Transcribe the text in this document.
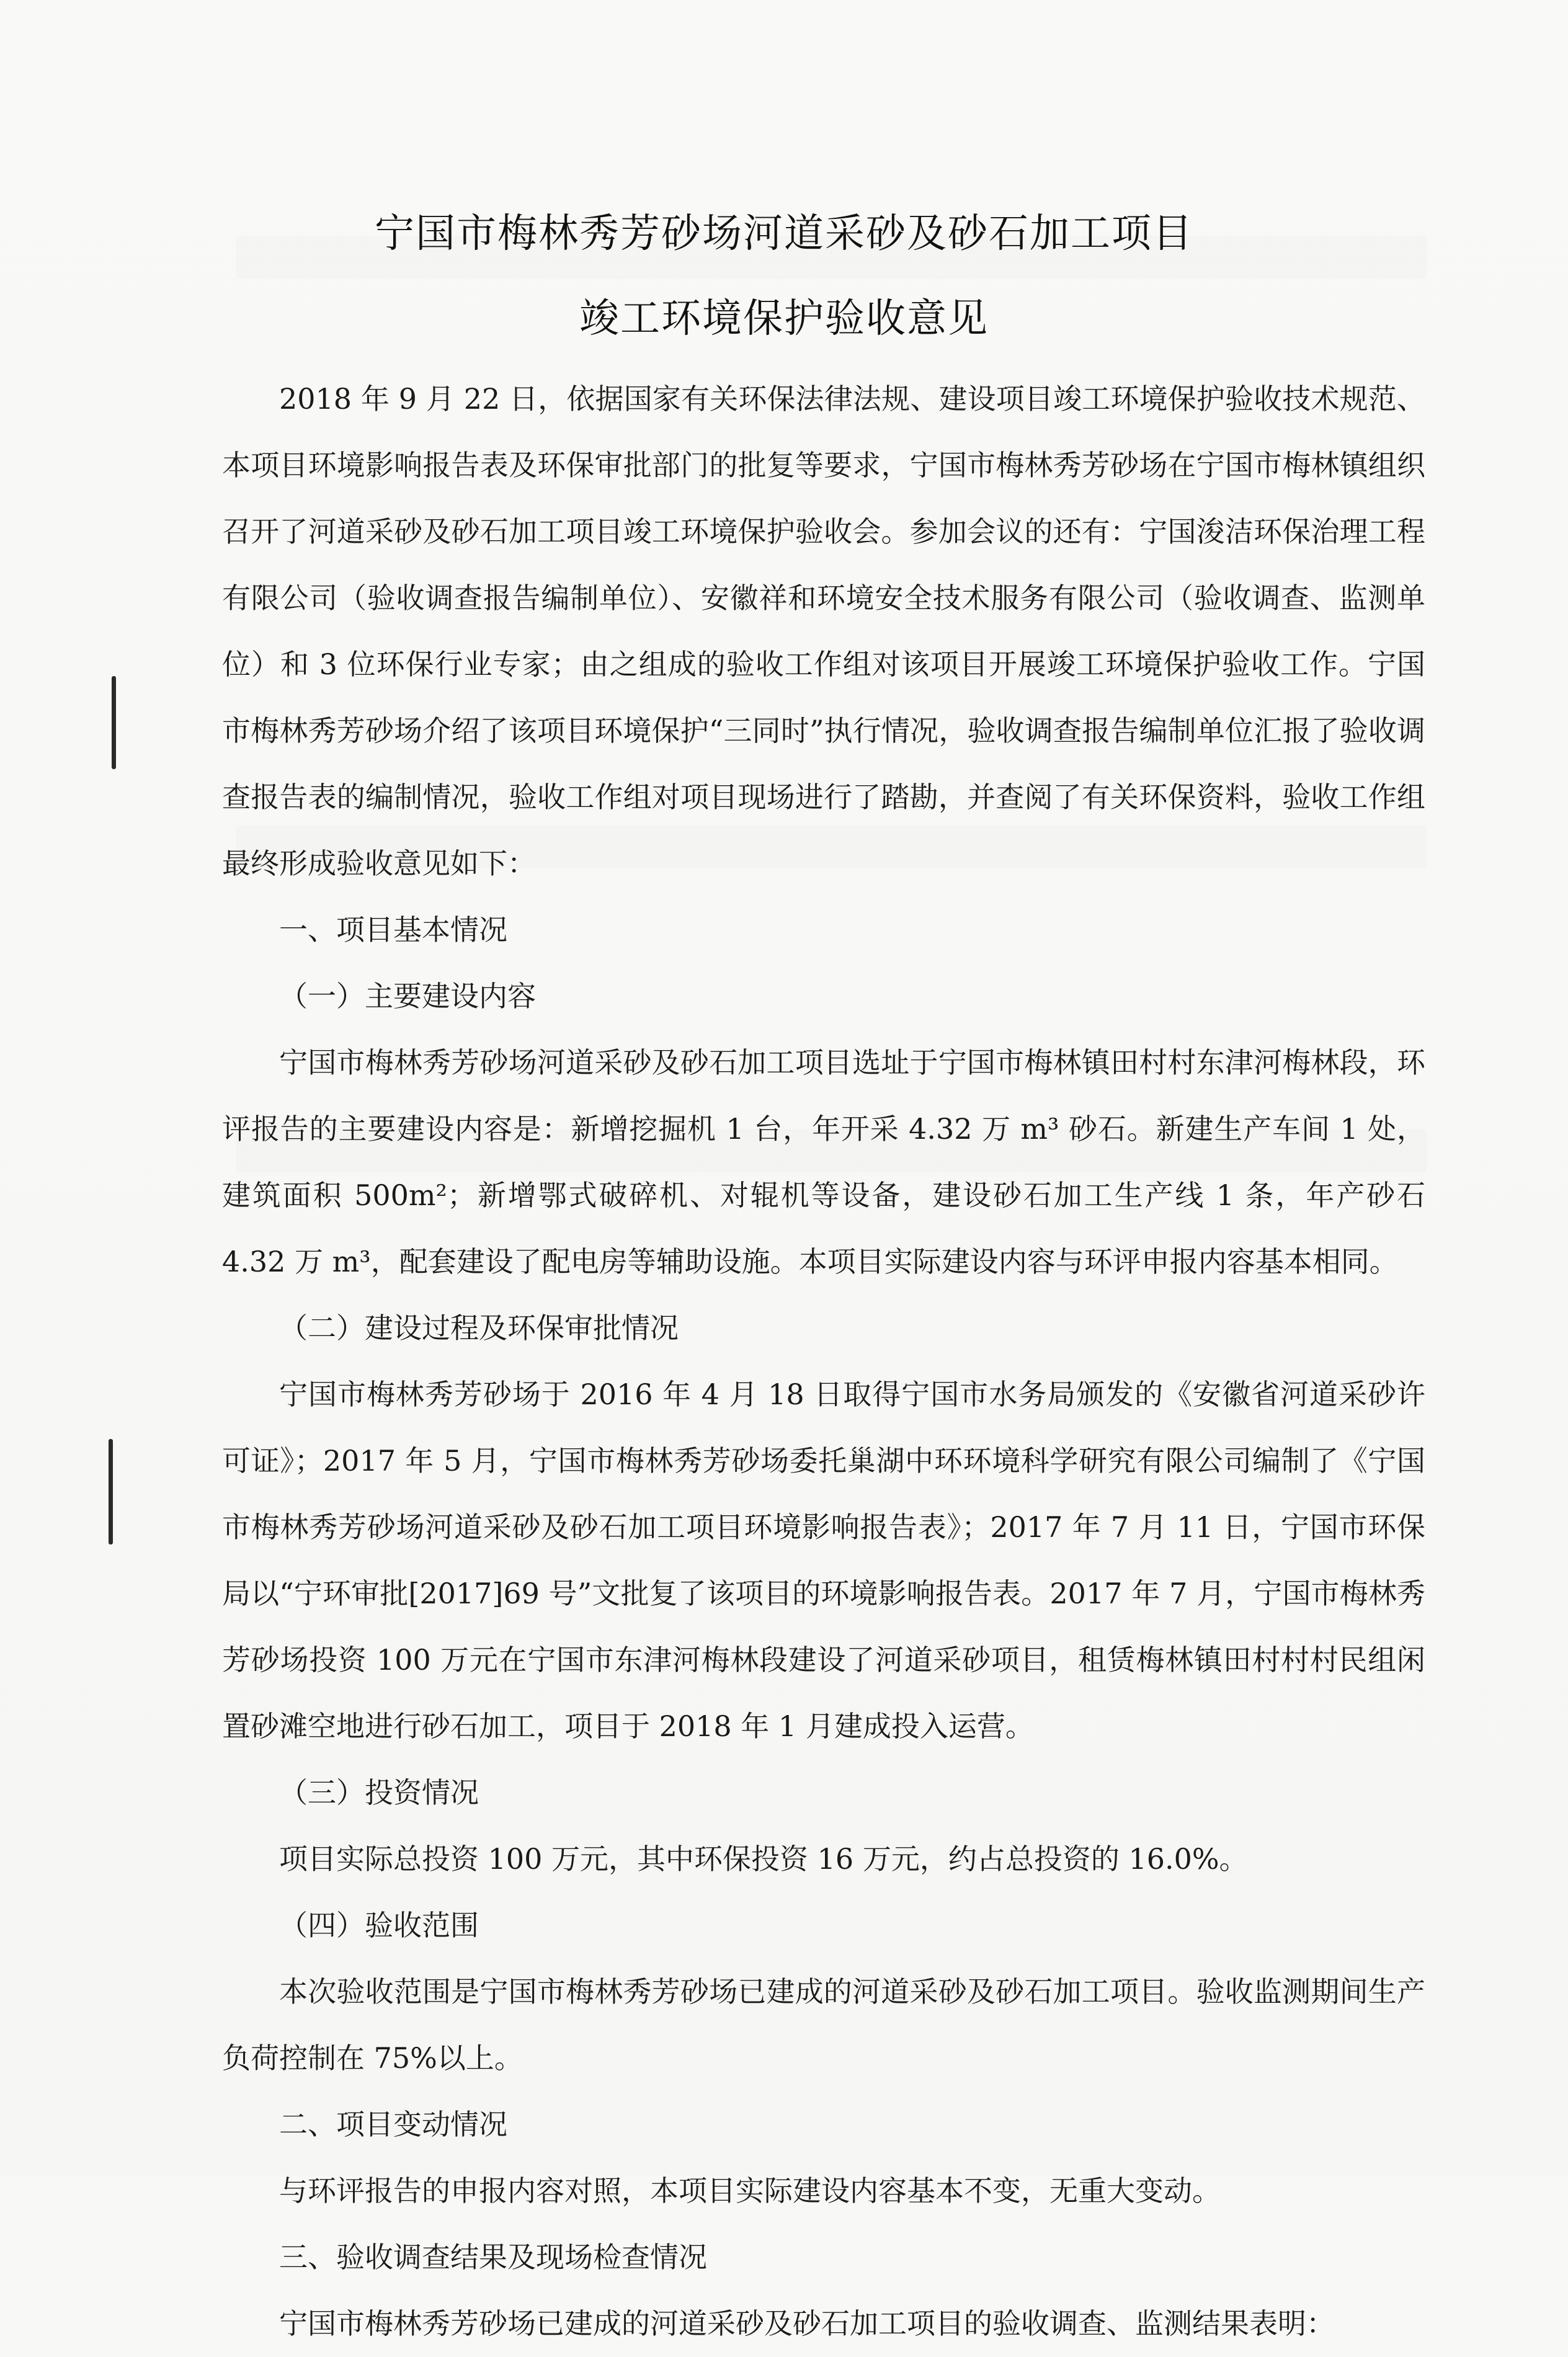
宁国市梅林秀芳砂场河道采砂及砂石加工项目
竣工环境保护验收意见

2018 年 9 月 22 日，依据国家有关环保法律法规、建设项目竣工环境保护验收技术规范、本项目环境影响报告表及环保审批部门的批复等要求，宁国市梅林秀芳砂场在宁国市梅林镇组织召开了河道采砂及砂石加工项目竣工环境保护验收会。参加会议的还有：宁国浚洁环保治理工程有限公司（验收调查报告编制单位）、安徽祥和环境安全技术服务有限公司（验收调查、监测单位）和 3 位环保行业专家；由之组成的验收工作组对该项目开展竣工环境保护验收工作。宁国市梅林秀芳砂场介绍了该项目环境保护“三同时”执行情况，验收调查报告编制单位汇报了验收调查报告表的编制情况，验收工作组对项目现场进行了踏勘，并查阅了有关环保资料，验收工作组最终形成验收意见如下：

一、项目基本情况

（一）主要建设内容

宁国市梅林秀芳砂场河道采砂及砂石加工项目选址于宁国市梅林镇田村村东津河梅林段，环评报告的主要建设内容是：新增挖掘机 1 台，年开采 4.32 万 m³ 砂石。新建生产车间 1 处，建筑面积 500m²；新增鄂式破碎机、对辊机等设备，建设砂石加工生产线 1 条，年产砂石 4.32 万 m³，配套建设了配电房等辅助设施。本项目实际建设内容与环评申报内容基本相同。

（二）建设过程及环保审批情况

宁国市梅林秀芳砂场于 2016 年 4 月 18 日取得宁国市水务局颁发的《安徽省河道采砂许可证》；2017 年 5 月，宁国市梅林秀芳砂场委托巢湖中环环境科学研究有限公司编制了《宁国市梅林秀芳砂场河道采砂及砂石加工项目环境影响报告表》；2017 年 7 月 11 日，宁国市环保局以“宁环审批[2017]69 号”文批复了该项目的环境影响报告表。2017 年 7 月，宁国市梅林秀芳砂场投资 100 万元在宁国市东津河梅林段建设了河道采砂项目，租赁梅林镇田村村村民组闲置砂滩空地进行砂石加工，项目于 2018 年 1 月建成投入运营。

（三）投资情况

项目实际总投资 100 万元，其中环保投资 16 万元，约占总投资的 16.0%。

（四）验收范围

本次验收范围是宁国市梅林秀芳砂场已建成的河道采砂及砂石加工项目。验收监测期间生产负荷控制在 75%以上。

二、项目变动情况

与环评报告的申报内容对照，本项目实际建设内容基本不变，无重大变动。

三、验收调查结果及现场检查情况

宁国市梅林秀芳砂场已建成的河道采砂及砂石加工项目的验收调查、监测结果表明：
